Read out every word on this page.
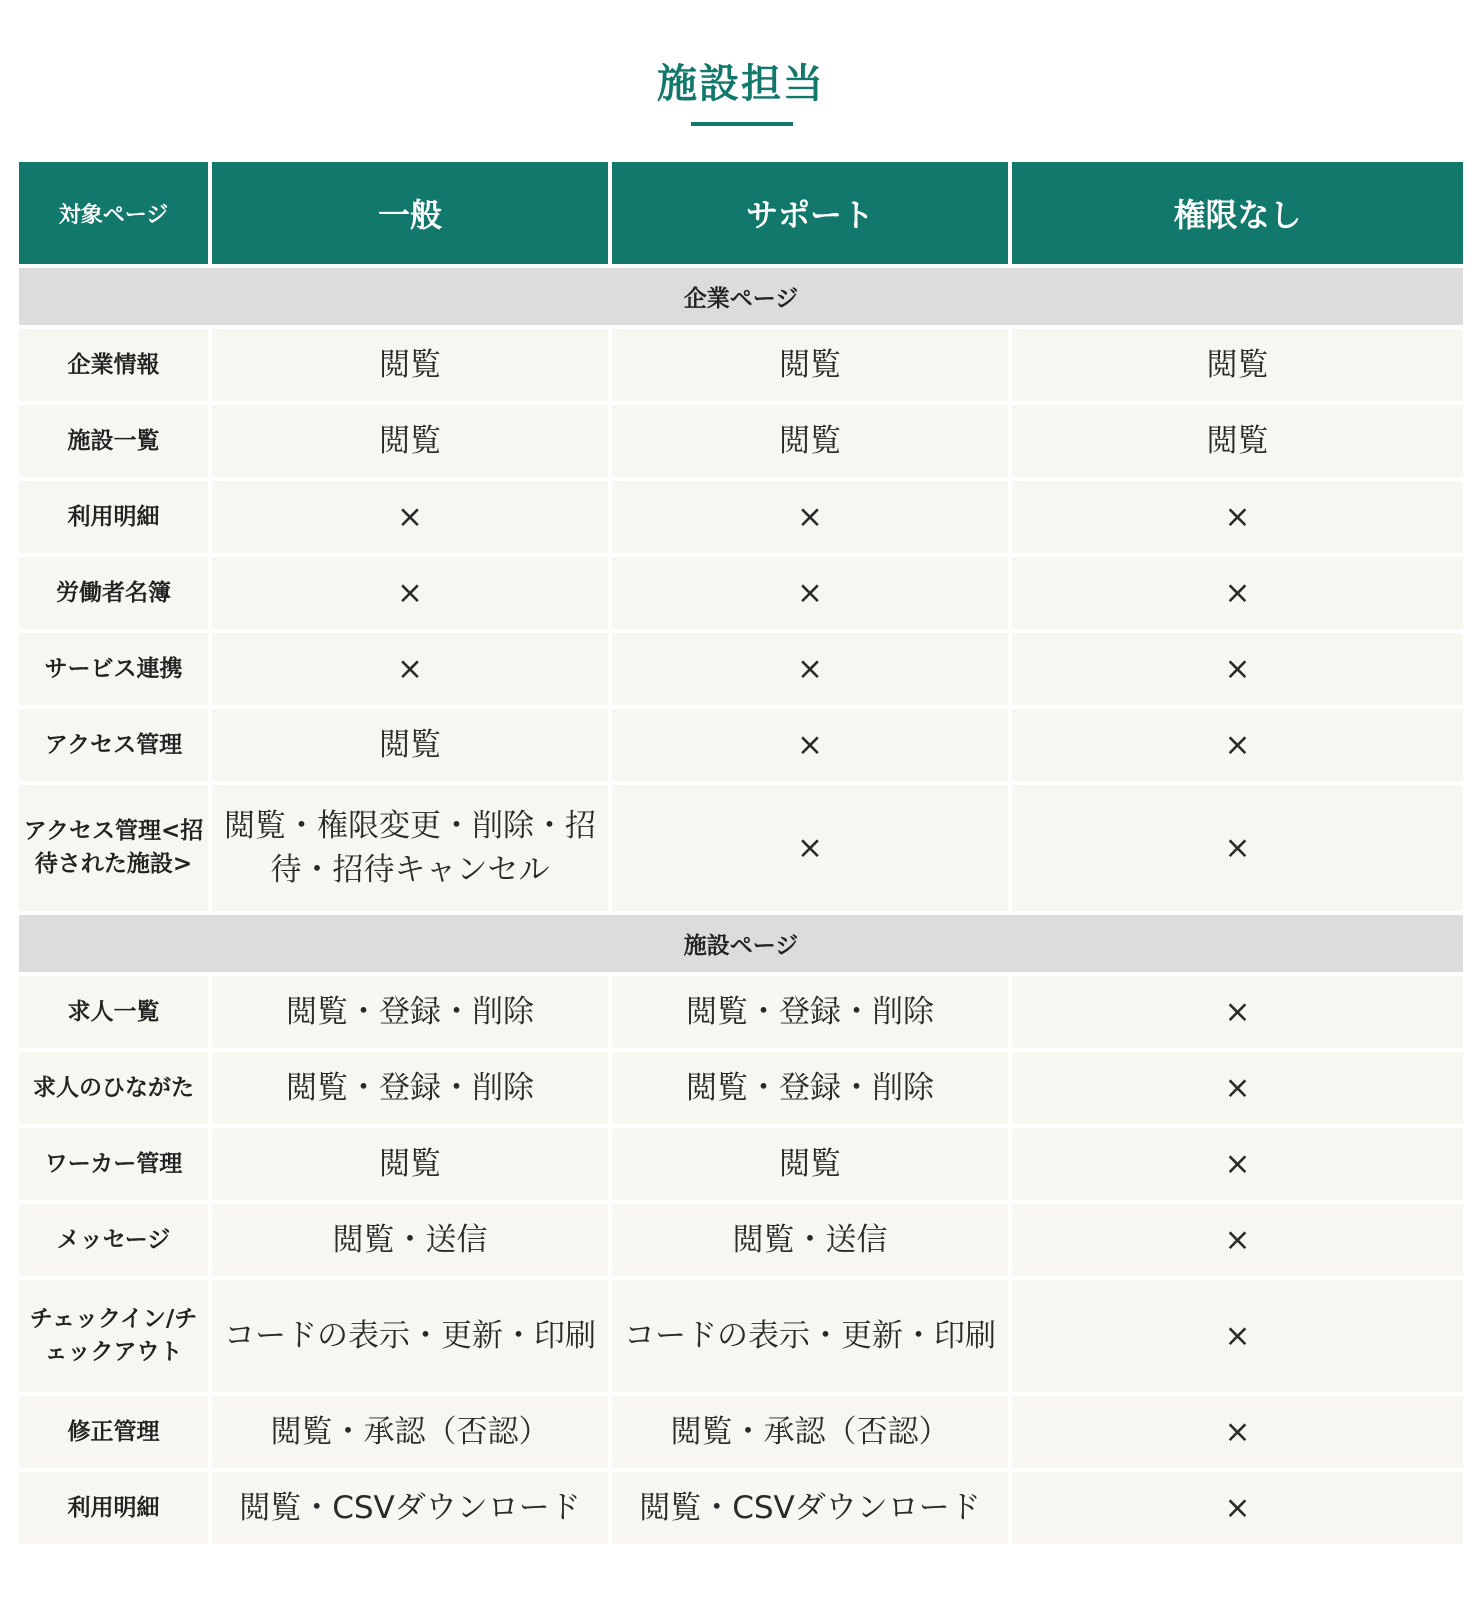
施設担当
対象ページ	一般	サポート	権限なし
企業ページ			
企業情報	閲覧	閲覧	閲覧
施設一覧	閲覧	閲覧	閲覧
利用明細	×	×	×
労働者名簿	×	×	×
サービス連携	×	×	×
アクセス管理	閲覧	×	×
アクセス管理<招待された施設>	閲覧・権限変更・削除・招待・招待キャンセル	×	×
施設ページ			
求人一覧	閲覧・登録・削除	閲覧・登録・削除	×
求人のひながた	閲覧・登録・削除	閲覧・登録・削除	×
ワーカー管理	閲覧	閲覧	×
メッセージ	閲覧・送信	閲覧・送信	×
チェックイン/チェックアウト	コードの表示・更新・印刷	コードの表示・更新・印刷	×
修正管理	閲覧・承認（否認）	閲覧・承認（否認）	×
利用明細	閲覧・CSVダウンロード	閲覧・CSVダウンロード	×
